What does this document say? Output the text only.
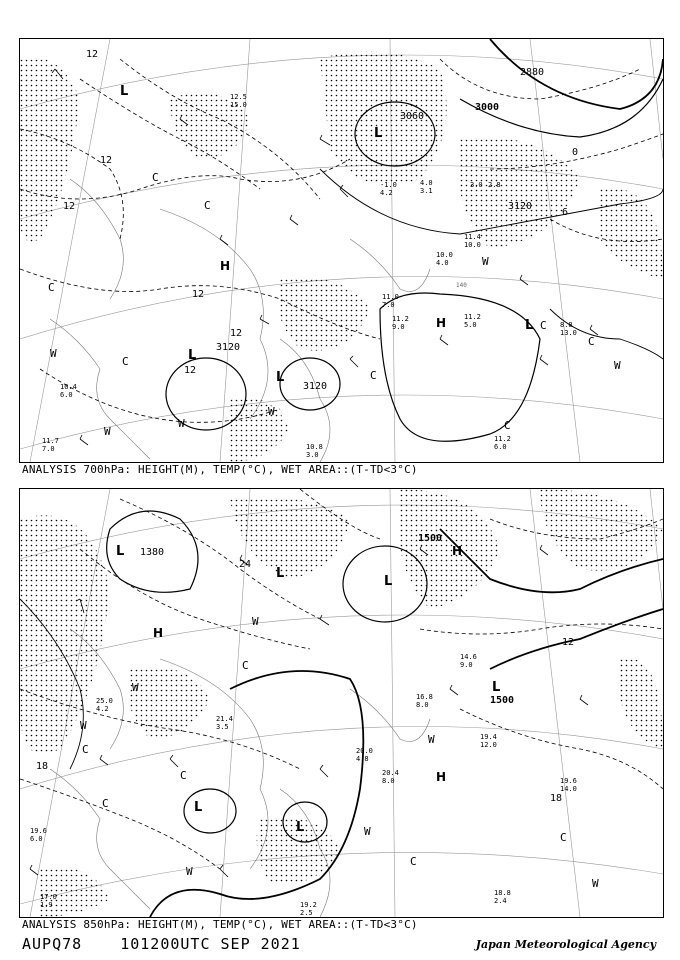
L
L
L
L
L
H
H
C
C
C
C
C
C
C
C
W
W
W
W
W
W
3120
3120
3120
3000
2880
3060
12
12
12
12
12
12
0
6
140
11.2
6.0
11.2
5.0
11.2
9.0
11.0
7.0
10.0
4.0
11.4
10.0
8.8
13.0
10.8
3.0
12.5
15.0
10.4
6.0
11.7
7.0
-1.0
4.2
3.0 2.8
4.0
3.1
ANALYSIS 700hPa: HEIGHT(M), TEMP(°C), WET AREA::(T-TD<3°C)
L
L
L
L
L
L
H
H
H
C
C
C
C
C
C
W
W
W
W
W
W
W
1380
1500
1500
24
18
18
12
18.8
2.4
19.4
12.0
19.6
14.0
20.4
8.0
20.0
4.8
19.2
2.5
17.0
1.9
19.6
6.0
21.4
3.5
25.0
4.2
14.6
9.0
16.8
8.0
ANALYSIS 850hPa: HEIGHT(M), TEMP(°C), WET AREA::(T-TD<3°C)
AUPQ78	101200UTC SEP 2021	Japan Meteorological Agency
